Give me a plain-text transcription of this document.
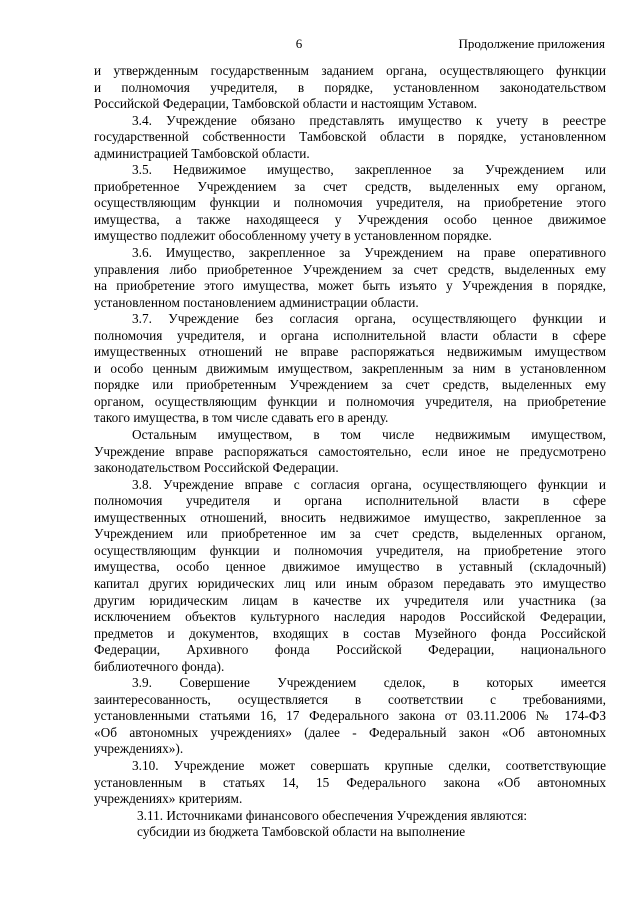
6	Продолжение приложения
и утвержденным государственным заданием органа, осуществляющего функции
и полномочия учредителя, в порядке, установленном законодательством
Российской Федерации, Тамбовской области и настоящим Уставом.
3.4. Учреждение обязано представлять имущество к учету в реестре
государственной собственности Тамбовской области в порядке, установленном
администрацией Тамбовской области.
3.5. Недвижимое имущество, закрепленное за Учреждением или
приобретенное Учреждением за счет средств, выделенных ему органом,
осуществляющим функции и полномочия учредителя, на приобретение этого
имущества, а также находящееся у Учреждения особо ценное движимое
имущество подлежит обособленному учету в установленном порядке.
3.6. Имущество, закрепленное за Учреждением на праве оперативного
управления либо приобретенное Учреждением за счет средств, выделенных ему
на приобретение этого имущества, может быть изъято у Учреждения в порядке,
установленном постановлением администрации области.
3.7. Учреждение без согласия органа, осуществляющего функции и
полномочия учредителя, и органа исполнительной власти области в сфере
имущественных отношений не вправе распоряжаться недвижимым имуществом
и особо ценным движимым имуществом, закрепленным за ним в установленном
порядке или приобретенным Учреждением за счет средств, выделенных ему
органом, осуществляющим функции и полномочия учредителя, на приобретение
такого имущества, в том числе сдавать его в аренду.
Остальным имуществом, в том числе недвижимым имуществом,
Учреждение вправе распоряжаться самостоятельно, если иное не предусмотрено
законодательством Российской Федерации.
3.8. Учреждение вправе с согласия органа, осуществляющего функции и
полномочия учредителя и органа исполнительной власти в сфере
имущественных отношений, вносить недвижимое имущество, закрепленное за
Учреждением или приобретенное им за счет средств, выделенных органом,
осуществляющим функции и полномочия учредителя, на приобретение этого
имущества, особо ценное движимое имущество в уставный (складочный)
капитал других юридических лиц или иным образом передавать это имущество
другим юридическим лицам в качестве их учредителя или участника (за
исключением объектов культурного наследия народов Российской Федерации,
предметов и документов, входящих в состав Музейного фонда Российской
Федерации, Архивного фонда Российской Федерации, национального
библиотечного фонда).
3.9. Совершение Учреждением сделок, в которых имеется
заинтересованность, осуществляется в соответствии с требованиями,
установленными статьями 16, 17 Федерального закона от 03.11.2006 № 174-ФЗ
«Об автономных учреждениях» (далее - Федеральный закон «Об автономных
учреждениях»).
3.10. Учреждение может совершать крупные сделки, соответствующие
установленным в статьях 14, 15 Федерального закона «Об автономных
учреждениях» критериям.
3.11. Источниками финансового обеспечения Учреждения являются:
субсидии из бюджета Тамбовской области на выполнение
